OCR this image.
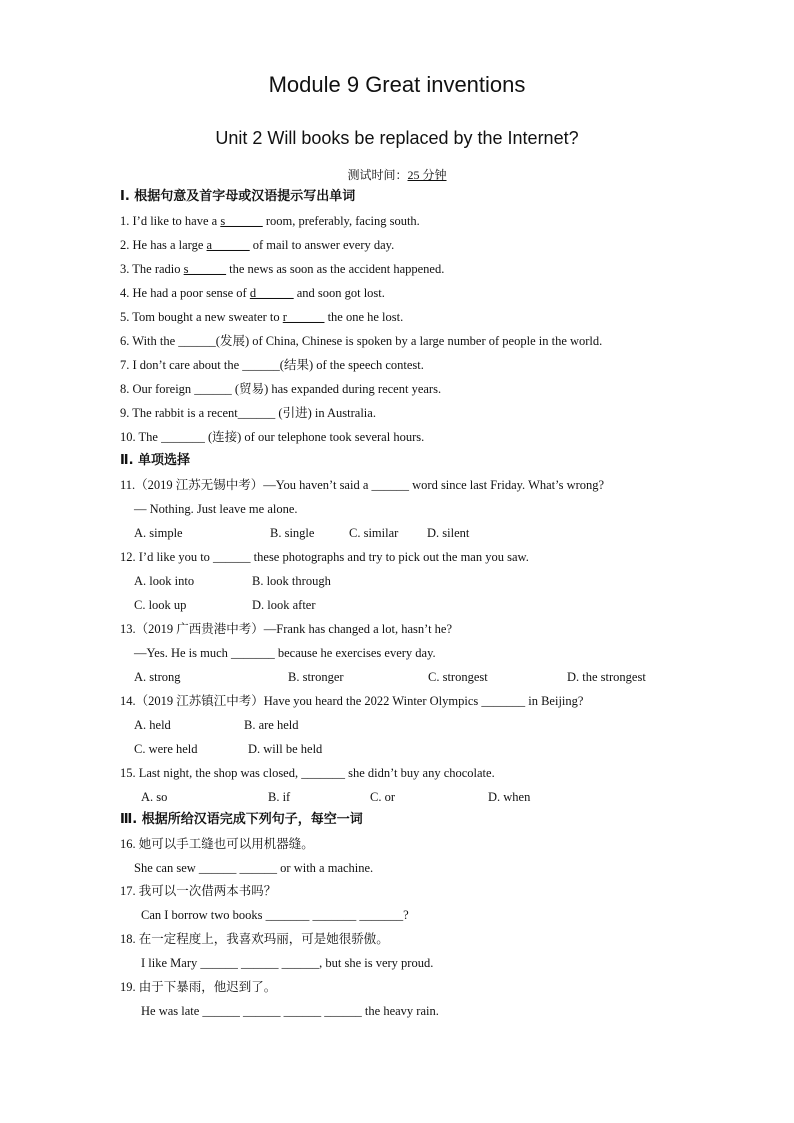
Module 9 Great inventions
Unit 2 Will books be replaced by the Internet?
测试时间：25 分钟
Ⅰ. 根据句意及首字母或汉语提示写出单词
1. I’d like to have a s______ room, preferably, facing south.
2. He has a large a______ of mail to answer every day.
3. The radio s______ the news as soon as the accident happened.
4. He had a poor sense of d______ and soon got lost.
5. Tom bought a new sweater to r______ the one he lost.
6. With the ______(发展) of China, Chinese is spoken by a large number of people in the world.
7. I don’t care about the ______(结果) of the speech contest.
8. Our foreign ______ (贸易) has expanded during recent years.
9. The rabbit is a recent______ (引进) in Australia.
10. The _______ (连接) of our telephone took several hours.
Ⅱ. 单项选择
11.（2019 江苏无锡中考）—You haven’t said a ______ word since last Friday. What’s wrong?
— Nothing. Just leave me alone.
A. simple	B. single	C. similar D. silent
12. I’d like you to ______ these photographs and try to pick out the man you saw.
A. look into	B. look through
C. look up	D. look after
13.（2019 广西贵港中考）—Frank has changed a lot, hasn’t he?
—Yes. He is much _______ because he exercises every day.
A. strong	B. stronger	C. strongest	D. the strongest
14.（2019 江苏镇江中考）Have you heard the 2022 Winter Olympics _______ in Beijing?
A. held	B. are held
C. were held	D. will be held
15. Last night, the shop was closed, _______ she didn’t buy any chocolate.
A. so	B. if	C. or	D. when
Ⅲ. 根据所给汉语完成下列句子，每空一词
16. 她可以手工缝也可以用机器缝。
She can sew ______ ______ or with a machine.
17. 我可以一次借两本书吗？
Can I borrow two books _______ _______ _______?
18. 在一定程度上，我喜欢玛丽，可是她很骄傲。
I like Mary ______ ______ ______, but she is very proud.
19. 由于下暴雨，他迟到了。
He was late ______ ______ ______ ______ the heavy rain.
